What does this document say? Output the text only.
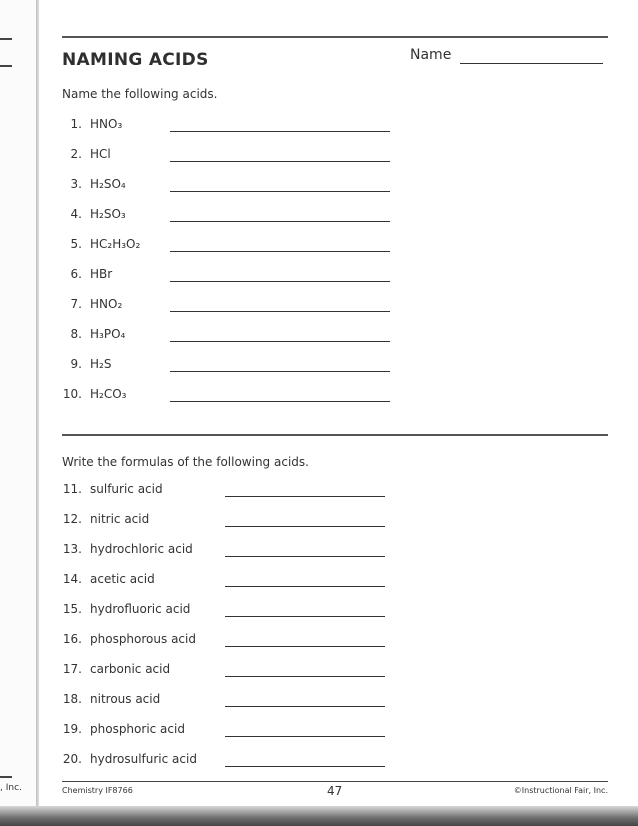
, Inc.
NAMING ACIDS	Name
Name the following acids.
1. HNO₃
2. HCl
3. H₂SO₄
4. H₂SO₃
5. HC₂H₃O₂
6. HBr
7. HNO₂
8. H₃PO₄
9. H₂S
10. H₂CO₃
Write the formulas of the following acids.
11. sulfuric acid
12. nitric acid
13. hydrochloric acid
14. acetic acid
15. hydrofluoric acid
16. phosphorous acid
17. carbonic acid
18. nitrous acid
19. phosphoric acid
20. hydrosulfuric acid
Chemistry IF8766	47	©Instructional Fair, Inc.
